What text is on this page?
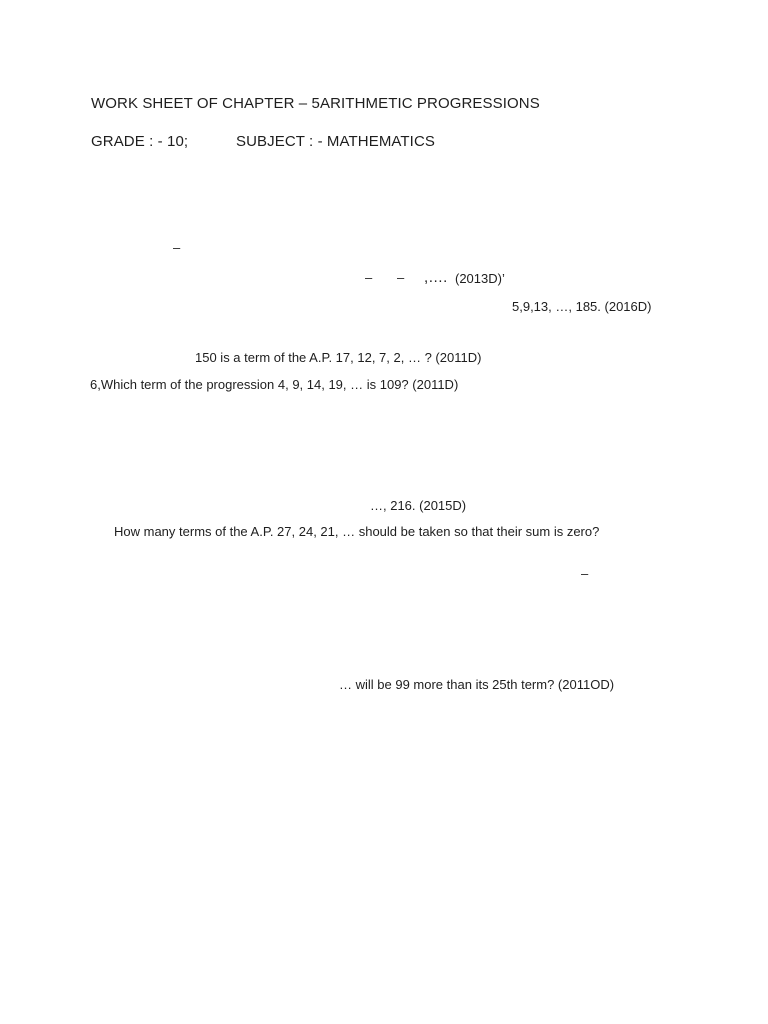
WORK SHEET OF CHAPTER – 5 ARITHMETIC PROGRESSIONS
GRADE : - 10;	SUBJECT : - MATHEMATICS
–
– – ,…. (2013D)’
5,9,13, …, 185. (2016D)
150 is a term of the A.P. 17, 12, 7, 2, … ? (2011D)
6,Which term of the progression 4, 9, 14, 19, … is 109? (2011D)
…, 216. (2015D)
How many terms of the A.P. 27, 24, 21, … should be taken so that their sum is zero?
–
… will be 99 more than its 25th term? (2011OD)
